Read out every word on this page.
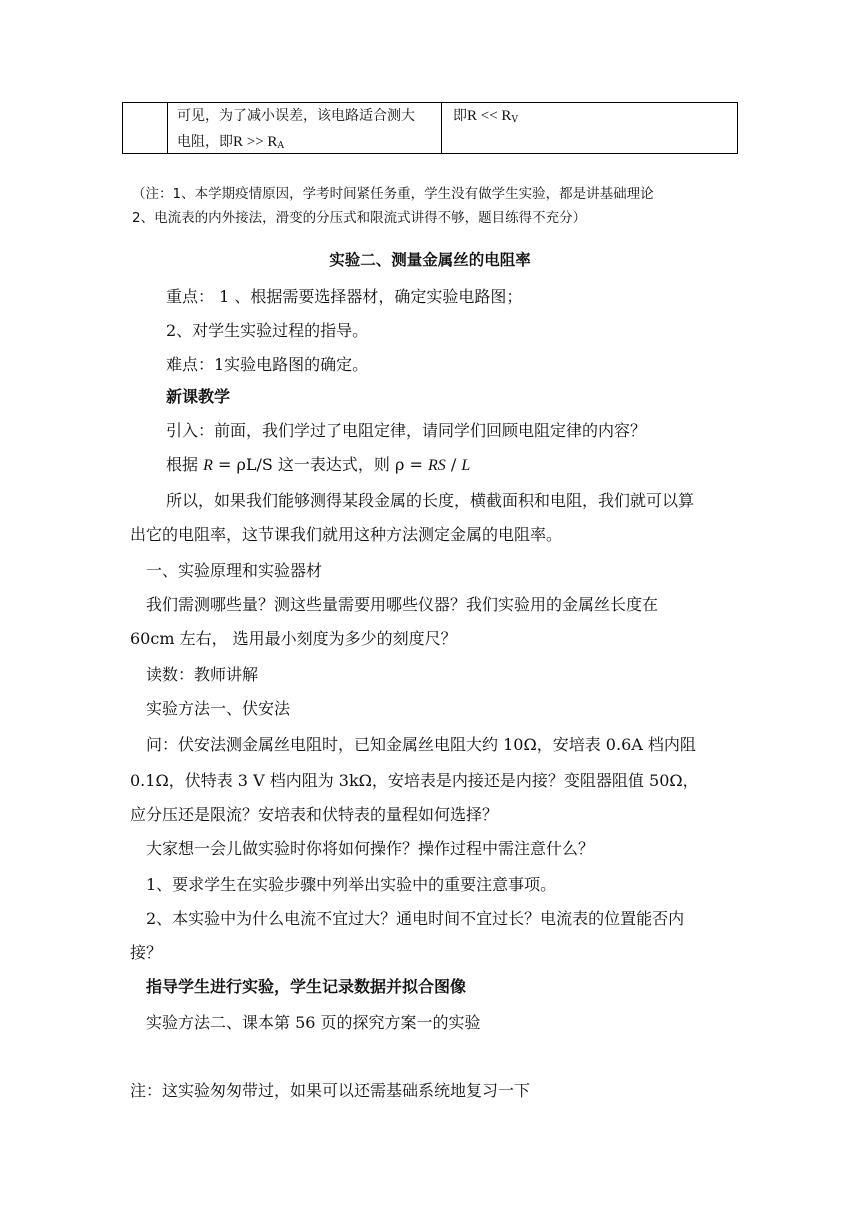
可见，为了减小误差，该电路适合测大
电阻，即$R >> R_A$
即$R << R_V$
（注：1、本学期疫情原因，学考时间紧任务重，学生没有做学生实验，都是讲基础理论
2、电流表的内外接法，滑变的分压式和限流式讲得不够，题目练得不充分）
实验二、测量金属丝的电阻率
重点： 1 、根据需要选择器材，确定实验电路图；
2、对学生实验过程的指导。
难点：1实验电路图的确定。
新课教学
引入：前面，我们学过了电阻定律，请同学们回顾电阻定律的内容？
根据 R = ρL/S 这一表达式，则 ρ = RS / L
所以，如果我们能够测得某段金属的长度，横截面积和电阻，我们就可以算
出它的电阻率，这节课我们就用这种方法测定金属的电阻率。
一、实验原理和实验器材
我们需测哪些量？测这些量需要用哪些仪器？我们实验用的金属丝长度在
60cm 左右， 选用最小刻度为多少的刻度尺？
读数：教师讲解
实验方法一、伏安法
问：伏安法测金属丝电阻时，已知金属丝电阻大约 10Ω，安培表 0.6A 档内阻
0.1Ω，伏特表 3 V 档内阻为 3kΩ，安培表是内接还是内接？变阻器阻值 50Ω，
应分压还是限流？安培表和伏特表的量程如何选择？
大家想一会儿做实验时你将如何操作？操作过程中需注意什么？
1、要求学生在实验步骤中列举出实验中的重要注意事项。
2、本实验中为什么电流不宜过大？通电时间不宜过长？电流表的位置能否内
接？
指导学生进行实验，学生记录数据并拟合图像
实验方法二、课本第 56 页的探究方案一的实验
注：这实验匆匆带过，如果可以还需基础系统地复习一下
